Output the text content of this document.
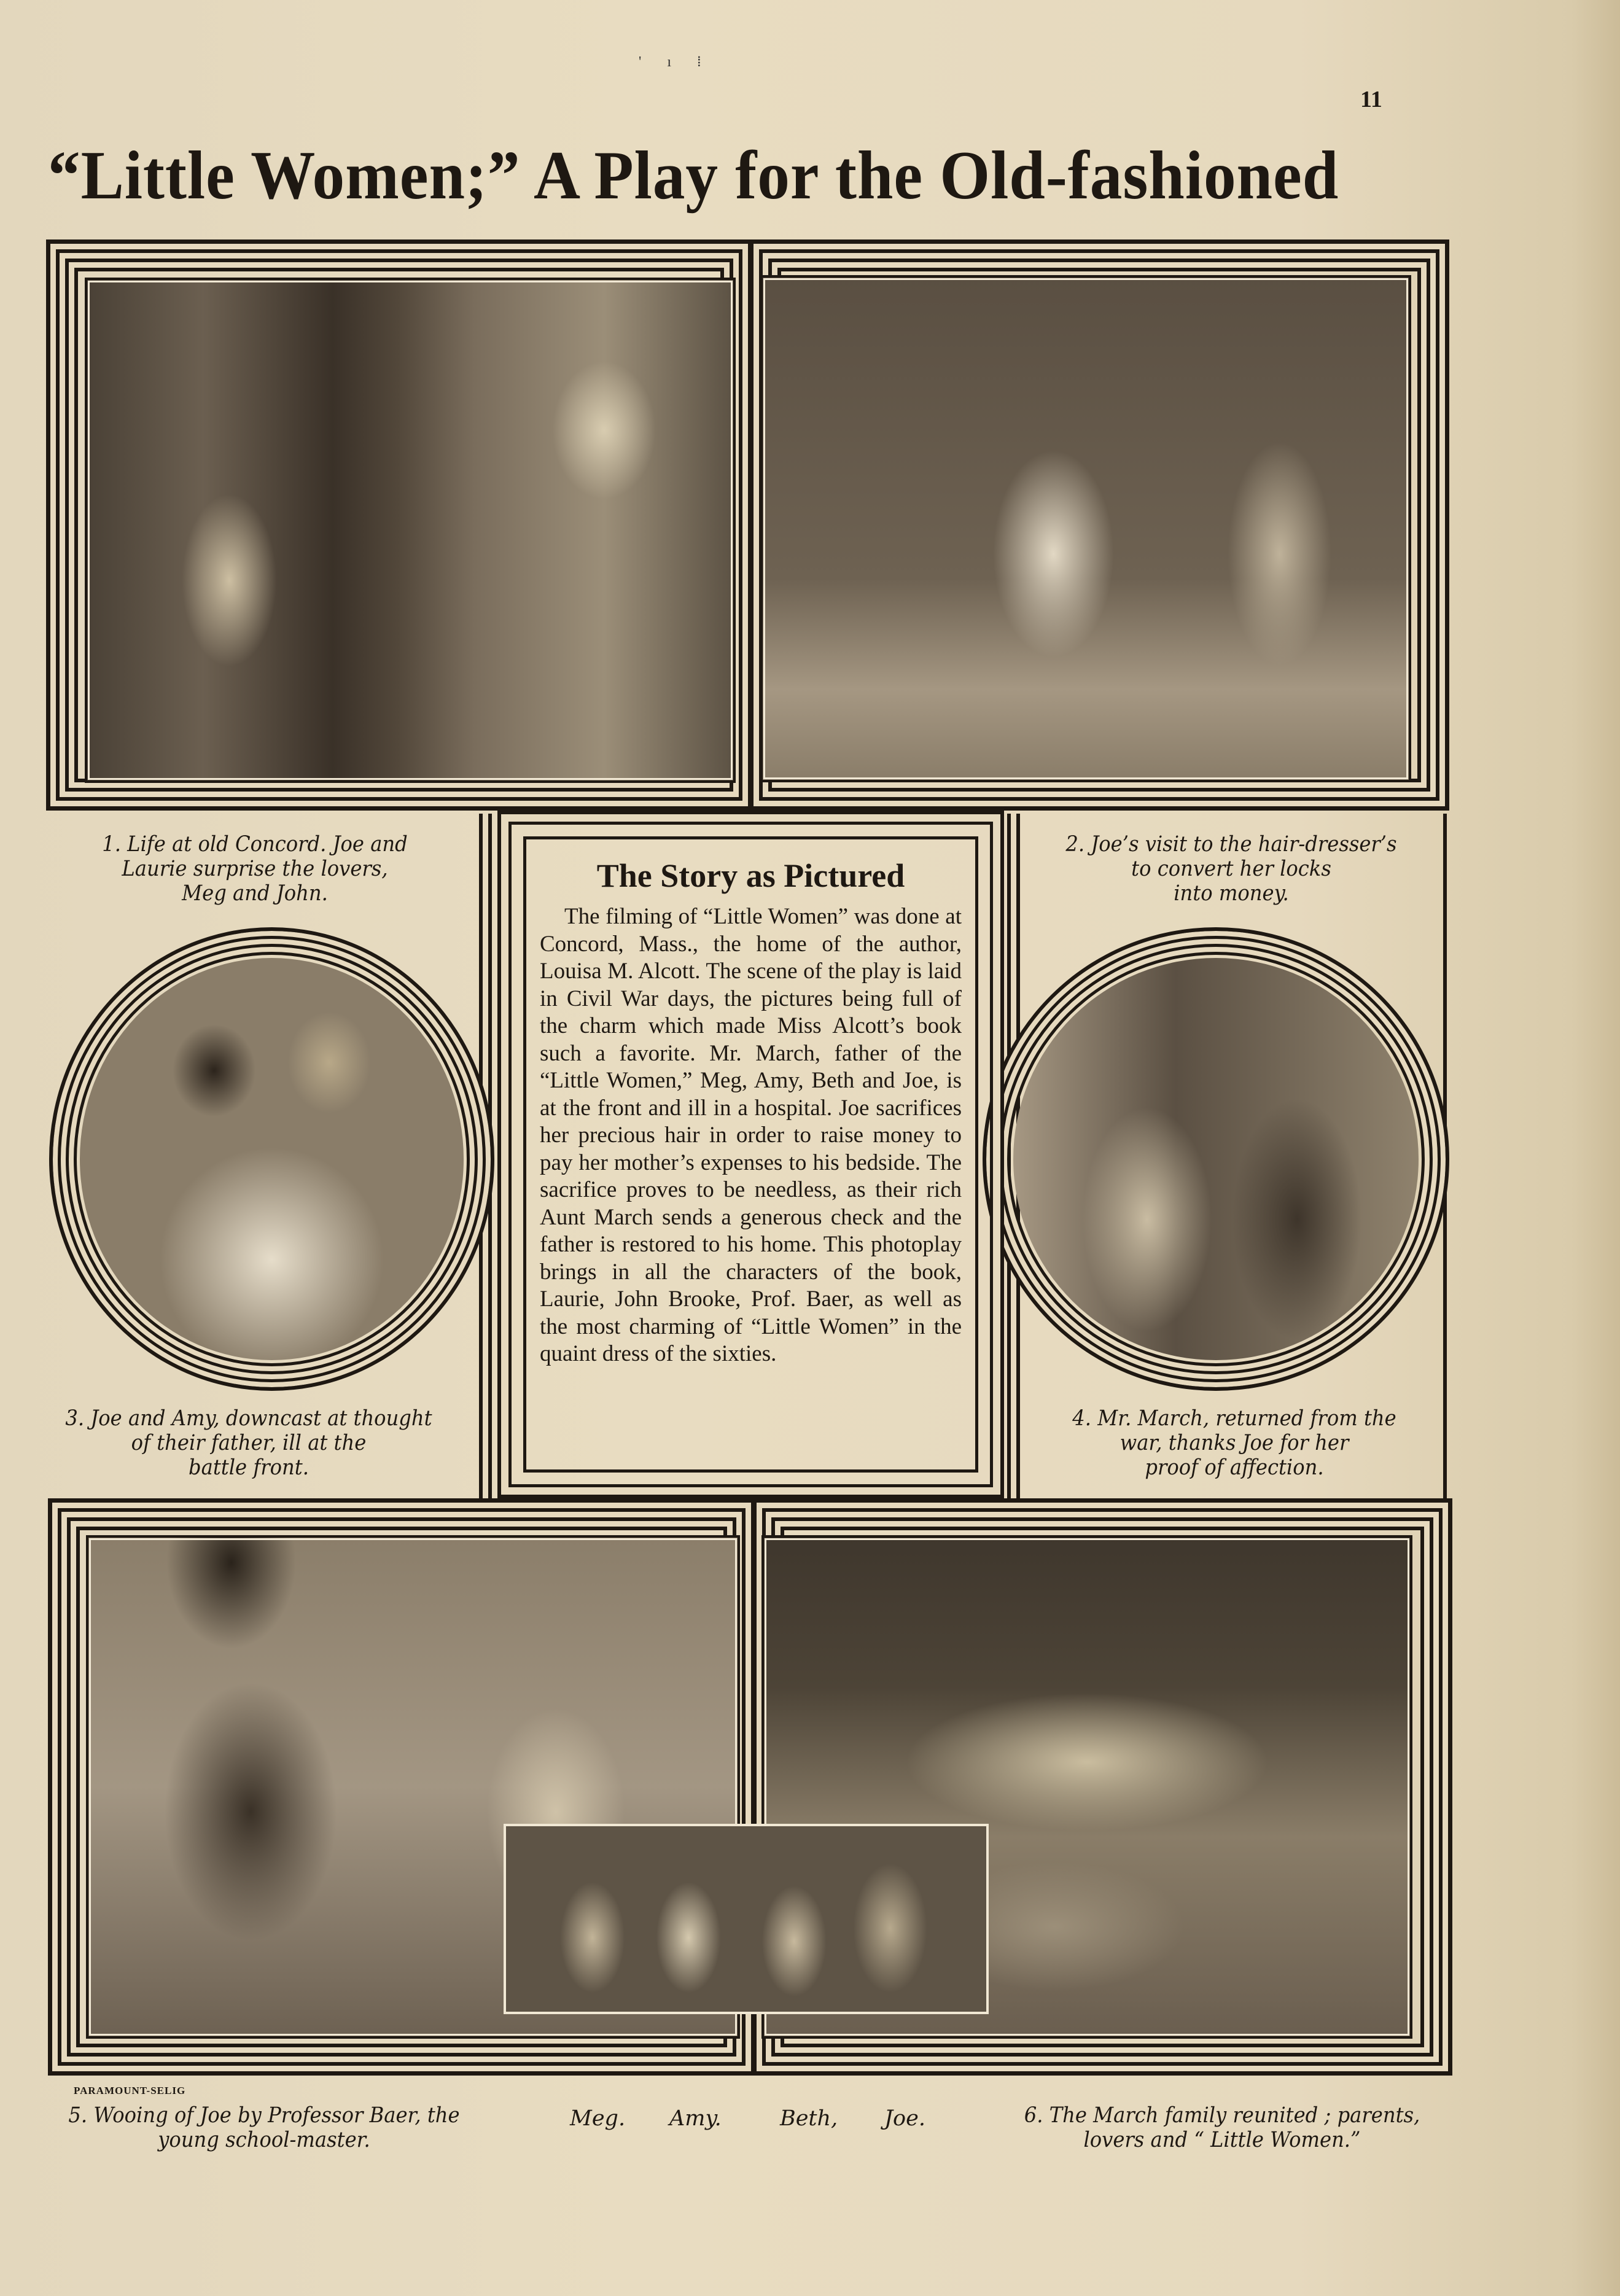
' ı ⁞
11
“Little Women;” A Play for the Old-fashioned
1. Life at old Concord. Joe and
Laurie surprise the lovers,
Meg and John.
2. Joe’s visit to the hair-dresser’s
to convert her locks
into money.
3. Joe and Amy, downcast at thought
of their father, ill at the
battle front.
4. Mr. March, returned from the
war, thanks Joe for her
proof of affection.
The Story as Pictured

The filming of “Little Women” was done at Concord, Mass., the home of the author, Louisa M. Alcott. The scene of the play is laid in Civil War days, the pictures being full of the charm which made Miss Alcott’s book such a favorite. Mr. March, father of the “Little Women,” Meg, Amy, Beth and Joe, is at the front and ill in a hospital. Joe sacrifices her precious hair in order to raise money to pay her mother’s expenses to his bedside. The sacrifice proves to be needless, as their rich Aunt March sends a generous check and the father is restored to his home. This photoplay brings in all the characters of the book, Laurie, John Brooke, Prof. Baer, as well as the most charming of “Little Women” in the quaint dress of the sixties.

PARAMOUNT-SELIG
5. Wooing of Joe by Professor Baer, the
young school-master.
Meg. Amy.	Beth, Joe.	6. The March family reunited ; parents,
lovers and “ Little Women.”
